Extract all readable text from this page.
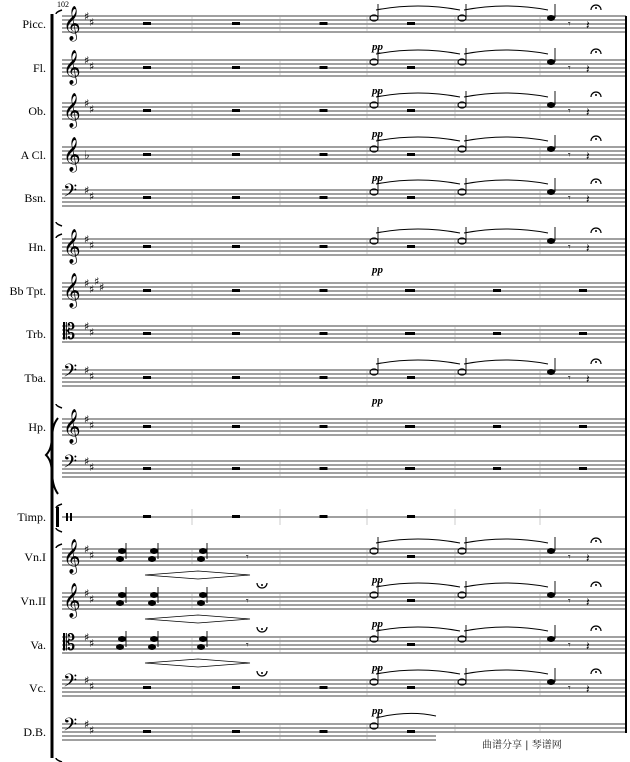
102
Picc. 𝄞 ♯ ♯	𝄾 𝄽
pp
Fl. 𝄞 ♯ ♯	𝄾 𝄽
pp
Ob. 𝄞 ♯ ♯	𝄾 𝄽
pp
A Cl. 𝄞 ♭	𝄾 𝄽
pp
Bsn. 𝄢 ♯ ♯	𝄾 𝄽
Hn. 𝄞 ♯ ♯	𝄾 𝄽
pp
Bb Tpt. 𝄞 ♯ ♯
♯ ♯
Trb. 𝄡 ♯ ♯
Tba. 𝄢 ♯ ♯	𝄾 𝄽
pp
Hp. 𝄞 ♯ ♯
𝄢 ♯ ♯
Timp.
Vn.I 𝄞 ♯ ♯	𝄾 𝄽
pp
𝄾
Vn.II 𝄞 ♯ ♯	𝄾 𝄽
pp
𝄾
Va. 𝄡 ♯ ♯	𝄾 𝄽
pp
𝄾
Vc. 𝄢 ♯ ♯	𝄾 𝄽
pp
D.B. 𝄢 ♯ ♯
曲谱分享 | 琴谱网
